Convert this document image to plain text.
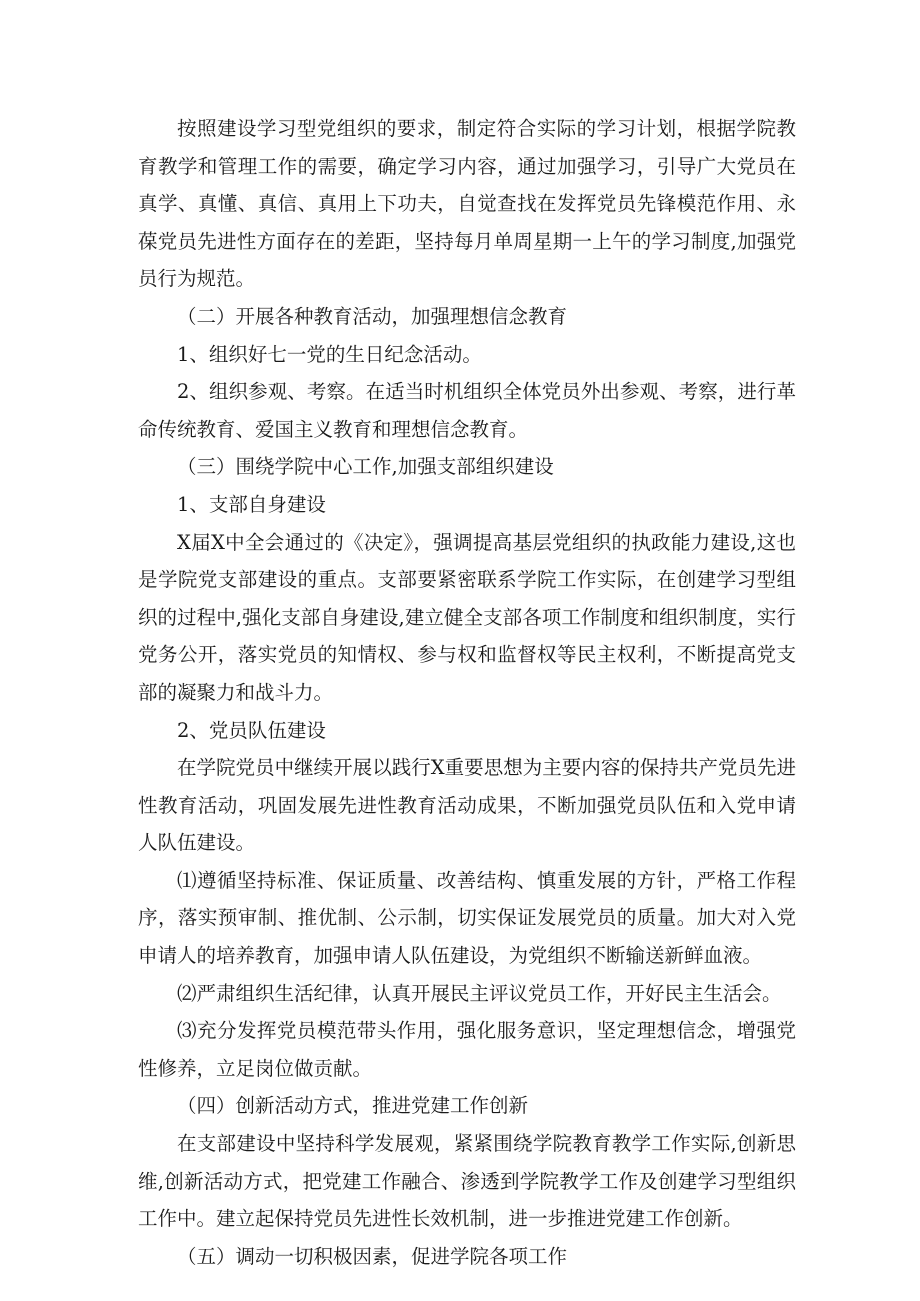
按照建设学习型党组织的要求，制定符合实际的学习计划，根据学院教育教学和管理工作的需要，确定学习内容，通过加强学习，引导广大党员在真学、真懂、真信、真用上下功夫，自觉查找在发挥党员先锋模范作用、永葆党员先进性方面存在的差距，坚持每月单周星期一上午的学习制度,加强党员行为规范。

（二）开展各种教育活动，加强理想信念教育

1、组织好七一党的生日纪念活动。

2、组织参观、考察。在适当时机组织全体党员外出参观、考察，进行革命传统教育、爱国主义教育和理想信念教育。

（三）围绕学院中心工作,加强支部组织建设

1、支部自身建设

X届X中全会通过的《决定》，强调提高基层党组织的执政能力建设,这也是学院党支部建设的重点。支部要紧密联系学院工作实际，在创建学习型组织的过程中,强化支部自身建设,建立健全支部各项工作制度和组织制度，实行党务公开，落实党员的知情权、参与权和监督权等民主权利，不断提高党支部的凝聚力和战斗力。

2、党员队伍建设

在学院党员中继续开展以践行X重要思想为主要内容的保持共产党员先进性教育活动，巩固发展先进性教育活动成果，不断加强党员队伍和入党申请人队伍建设。

⑴遵循坚持标准、保证质量、改善结构、慎重发展的方针，严格工作程序，落实预审制、推优制、公示制，切实保证发展党员的质量。加大对入党申请人的培养教育，加强申请人队伍建设，为党组织不断输送新鲜血液。

⑵严肃组织生活纪律，认真开展民主评议党员工作，开好民主生活会。

⑶充分发挥党员模范带头作用，强化服务意识，坚定理想信念，增强党性修养，立足岗位做贡献。

（四）创新活动方式，推进党建工作创新

在支部建设中坚持科学发展观，紧紧围绕学院教育教学工作实际,创新思维,创新活动方式，把党建工作融合、渗透到学院教学工作及创建学习型组织工作中。建立起保持党员先进性长效机制，进一步推进党建工作创新。

（五）调动一切积极因素，促进学院各项工作
